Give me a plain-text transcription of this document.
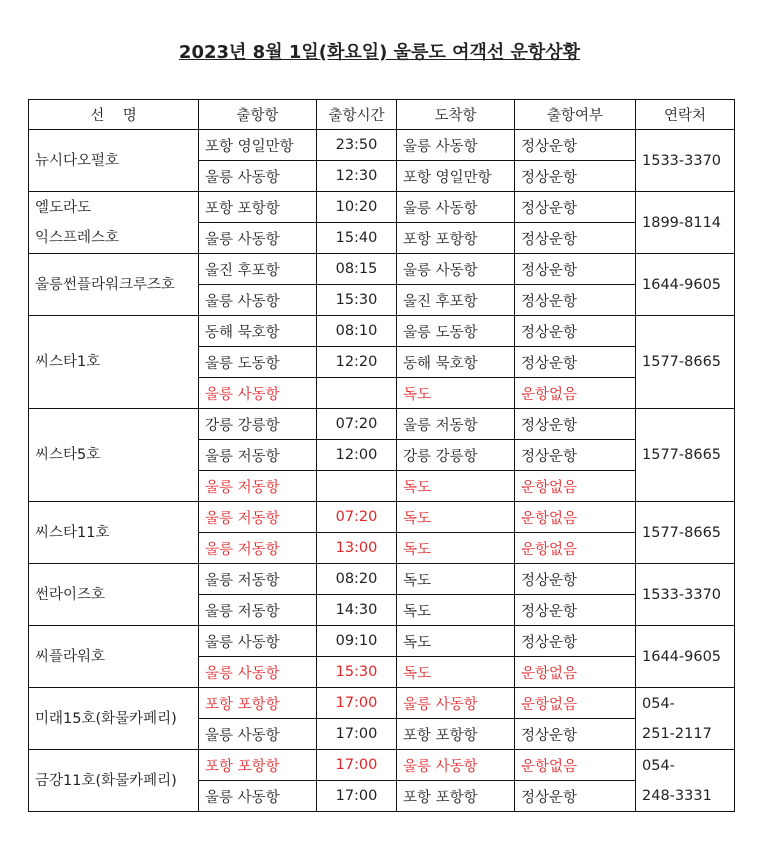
2023년 8월 1일(화요일) 울릉도 여객선 운항상황
선    명	출항항	출항시간	도착항	출항여부	연락처
뉴시다오펄호	포항 영일만항	23:50	울릉 사동항	정상운항	1533-3370
	울릉 사동항	12:30	포항 영일만항	정상운항	
엘도라도
익스프레스호	포항 포항항	10:20	울릉 사동항	정상운항	1899-8114
	울릉 사동항	15:40	포항 포항항	정상운항	
울릉썬플라워크루즈호	울진 후포항	08:15	울릉 사동항	정상운항	1644-9605
	울릉 사동항	15:30	울진 후포항	정상운항	
씨스타1호	동해 묵호항	08:10	울릉 도동항	정상운항	1577-8665
	울릉 도동항	12:20	동해 묵호항	정상운항	
	울릉 사동항		독도	운항없음	
씨스타5호	강릉 강릉항	07:20	울릉 저동항	정상운항	1577-8665
	울릉 저동항	12:00	강릉 강릉항	정상운항	
	울릉 저동항		독도	운항없음	
씨스타11호	울릉 저동항	07:20	독도	운항없음	1577-8665
	울릉 저동항	13:00	독도	운항없음	
썬라이즈호	울릉 저동항	08:20	독도	정상운항	1533-3370
	울릉 저동항	14:30	독도	정상운항	
씨플라워호	울릉 사동항	09:10	독도	정상운항	1644-9605
	울릉 사동항	15:30	독도	운항없음	
미래15호(화물카페리)	포항 포항항	17:00	울릉 사동항	운항없음	054-
251-2117
	울릉 사동항	17:00	포항 포항항	정상운항	
금강11호(화물카페리)	포항 포항항	17:00	울릉 사동항	운항없음	054-
248-3331
	울릉 사동항	17:00	포항 포항항	정상운항	
